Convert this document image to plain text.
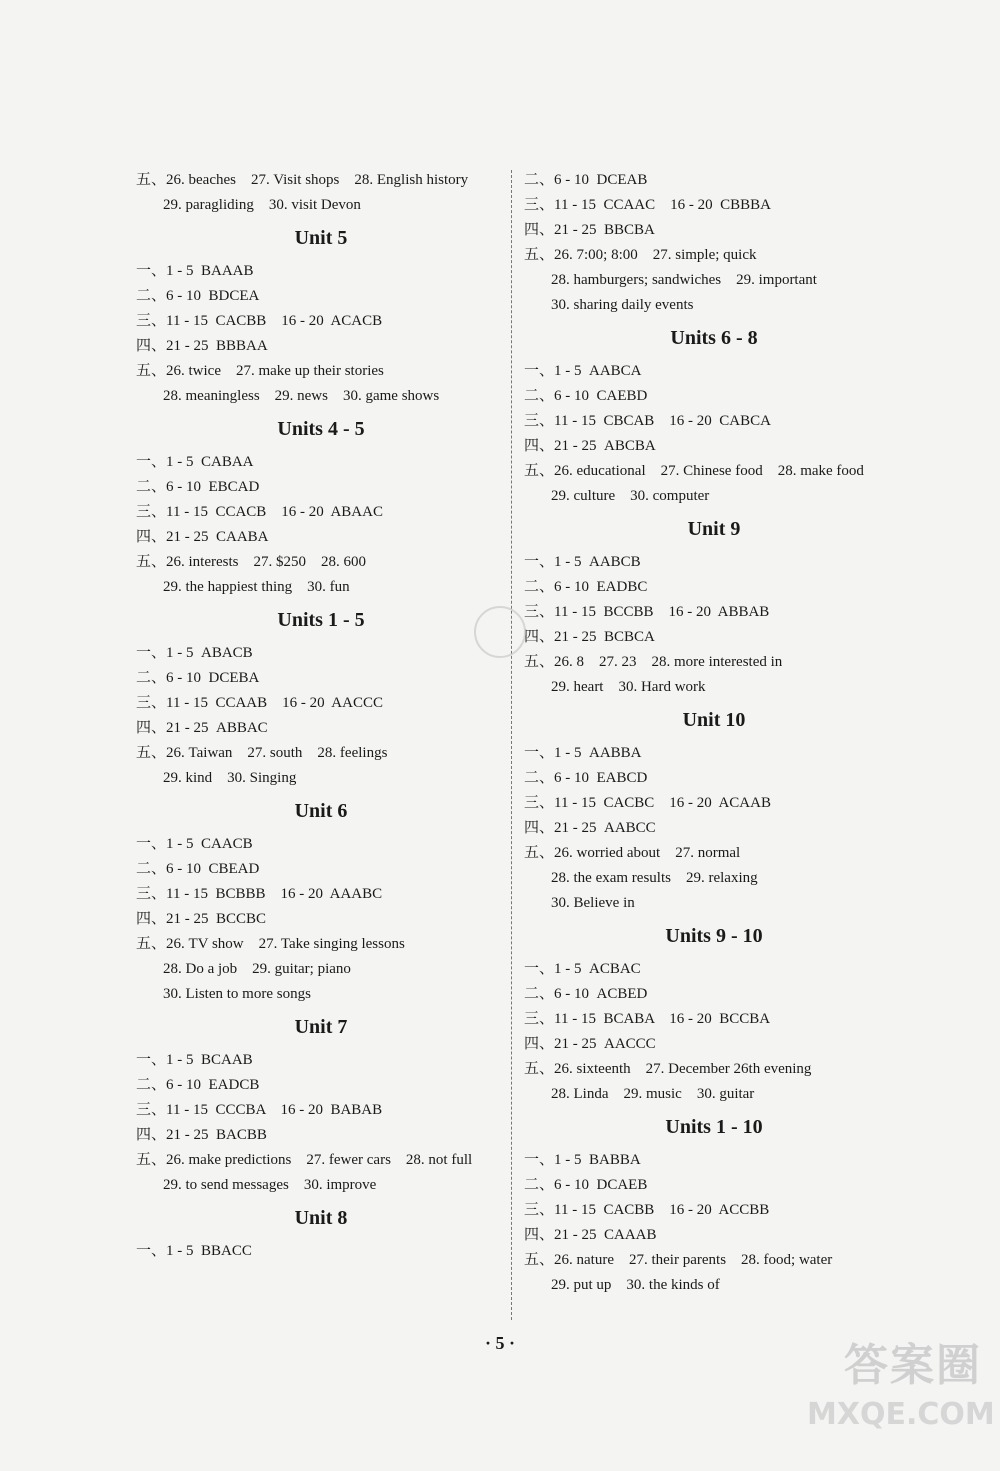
五、26. beaches    27. Visit shops    28. English history
29. paragliding    30. visit Devon
Unit 5
一、1 - 5  BAAAB
二、6 - 10  BDCEA
三、11 - 15  CACBB    16 - 20  ACACB
四、21 - 25  BBBAA
五、26. twice    27. make up their stories
28. meaningless    29. news    30. game shows
Units 4 - 5
一、1 - 5  CABAA
二、6 - 10  EBCAD
三、11 - 15  CCACB    16 - 20  ABAAC
四、21 - 25  CAABA
五、26. interests    27. $250    28. 600
29. the happiest thing    30. fun
Units 1 - 5
一、1 - 5  ABACB
二、6 - 10  DCEBA
三、11 - 15  CCAAB    16 - 20  AACCC
四、21 - 25  ABBAC
五、26. Taiwan    27. south    28. feelings
29. kind    30. Singing
Unit 6
一、1 - 5  CAACB
二、6 - 10  CBEAD
三、11 - 15  BCBBB    16 - 20  AAABC
四、21 - 25  BCCBC
五、26. TV show    27. Take singing lessons
28. Do a job    29. guitar; piano
30. Listen to more songs
Unit 7
一、1 - 5  BCAAB
二、6 - 10  EADCB
三、11 - 15  CCCBA    16 - 20  BABAB
四、21 - 25  BACBB
五、26. make predictions    27. fewer cars    28. not full
29. to send messages    30. improve
Unit 8
一、1 - 5  BBACC
二、6 - 10  DCEAB
三、11 - 15  CCAAC    16 - 20  CBBBA
四、21 - 25  BBCBA
五、26. 7:00; 8:00    27. simple; quick
28. hamburgers; sandwiches    29. important
30. sharing daily events
Units 6 - 8
一、1 - 5  AABCA
二、6 - 10  CAEBD
三、11 - 15  CBCAB    16 - 20  CABCA
四、21 - 25  ABCBA
五、26. educational    27. Chinese food    28. make food
29. culture    30. computer
Unit 9
一、1 - 5  AABCB
二、6 - 10  EADBC
三、11 - 15  BCCBB    16 - 20  ABBAB
四、21 - 25  BCBCA
五、26. 8    27. 23    28. more interested in
29. heart    30. Hard work
Unit 10
一、1 - 5  AABBA
二、6 - 10  EABCD
三、11 - 15  CACBC    16 - 20  ACAAB
四、21 - 25  AABCC
五、26. worried about    27. normal
28. the exam results    29. relaxing
30. Believe in
Units 9 - 10
一、1 - 5  ACBAC
二、6 - 10  ACBED
三、11 - 15  BCABA    16 - 20  BCCBA
四、21 - 25  AACCC
五、26. sixteenth    27. December 26th evening
28. Linda    29. music    30. guitar
Units 1 - 10
一、1 - 5  BABBA
二、6 - 10  DCAEB
三、11 - 15  CACBB    16 - 20  ACCBB
四、21 - 25  CAAAB
五、26. nature    27. their parents    28. food; water
29. put up    30. the kinds of
· 5 ·	答案圈
MXQE.COM
